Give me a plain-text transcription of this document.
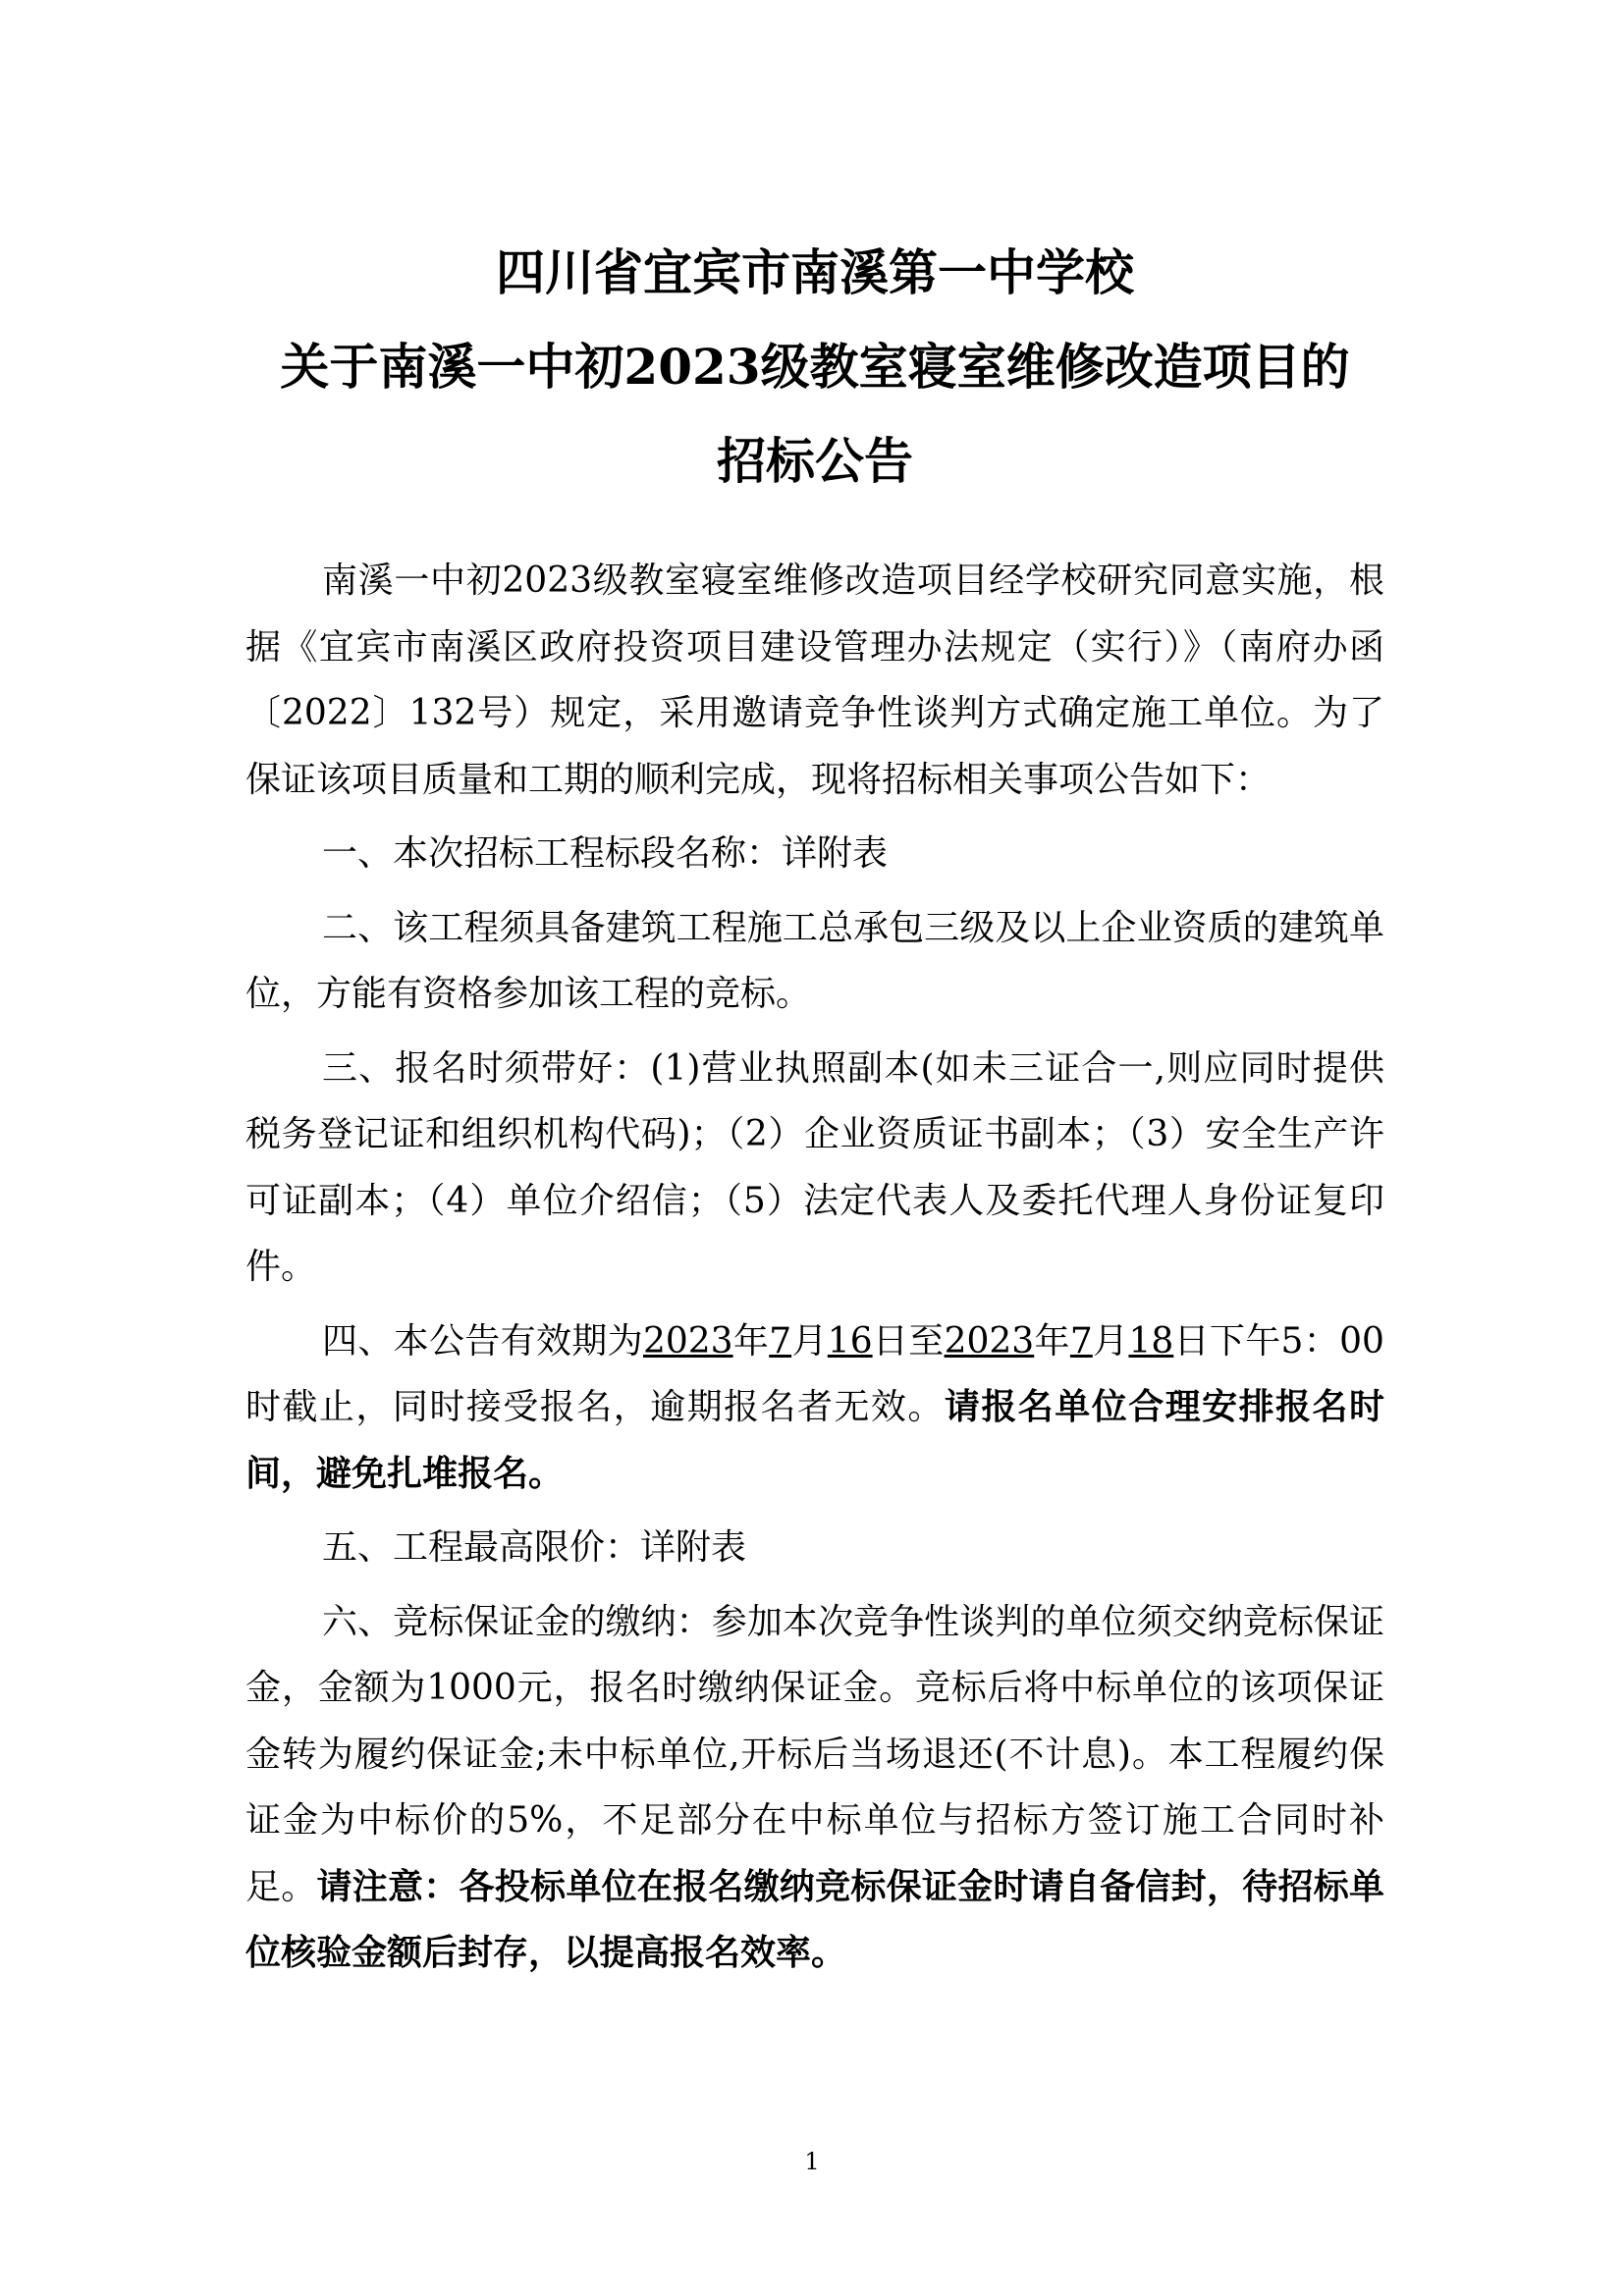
四川省宜宾市南溪第一中学校
关于南溪一中初2023级教室寝室维修改造项目的
招标公告

南溪一中初2023级教室寝室维修改造项目经学校研究同意实施，根据《宜宾市南溪区政府投资项目建设管理办法规定（实行）》（南府办函〔2022〕132号）规定，采用邀请竞争性谈判方式确定施工单位。为了保证该项目质量和工期的顺利完成，现将招标相关事项公告如下：

一、本次招标工程标段名称：详附表

二、该工程须具备建筑工程施工总承包三级及以上企业资质的建筑单位，方能有资格参加该工程的竞标。

三、报名时须带好：(1)营业执照副本(如未三证合一,则应同时提供税务登记证和组织机构代码)；（2）企业资质证书副本；（3）安全生产许可证副本；（4）单位介绍信；（5）法定代表人及委托代理人身份证复印件。

四、本公告有效期为2023年7月16日至2023年7月18日下午5：00时截止，同时接受报名，逾期报名者无效。请报名单位合理安排报名时间，避免扎堆报名。

五、工程最高限价：详附表

六、竞标保证金的缴纳：参加本次竞争性谈判的单位须交纳竞标保证金，金额为1000元，报名时缴纳保证金。竞标后将中标单位的该项保证金转为履约保证金;未中标单位,开标后当场退还(不计息)。本工程履约保证金为中标价的5%，不足部分在中标单位与招标方签订施工合同时补足。请注意：各投标单位在报名缴纳竞标保证金时请自备信封，待招标单位核验金额后封存，以提高报名效率。

1
